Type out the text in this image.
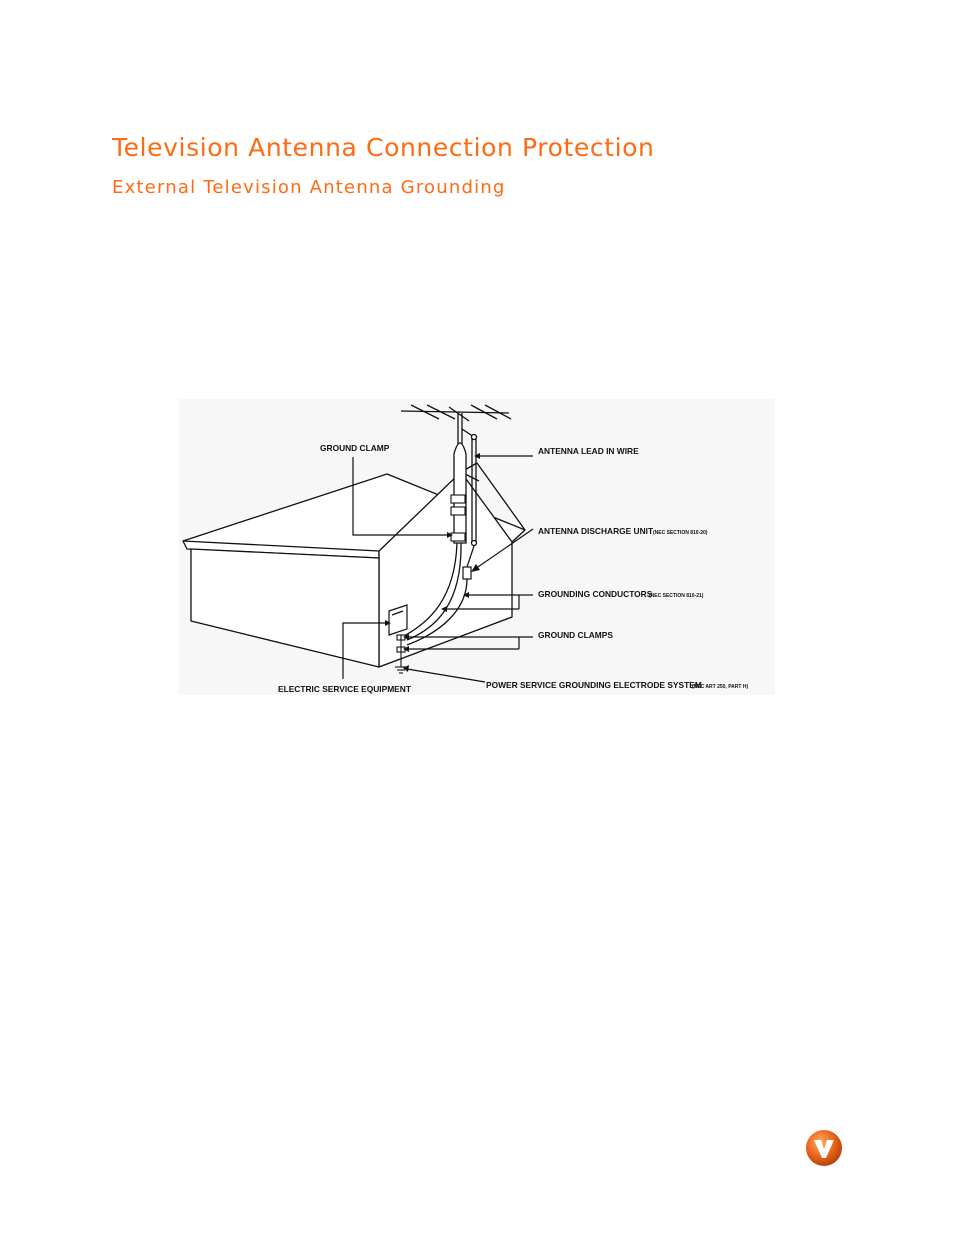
Television Antenna Connection Protection
External Television Antenna Grounding
GROUND CLAMP	ANTENNA LEAD IN WIRE
ANTENNA DISCHARGE UNIT (NEC SECTION 810-20)
GROUNDING CONDUCTORS
(NEC SECTION 810-21)
GROUND CLAMPS
ELECTRIC SERVICE EQUIPMENT	POWER SERVICE GROUNDING ELECTRODE SYSTEM
(NEC ART 250, PART H)
